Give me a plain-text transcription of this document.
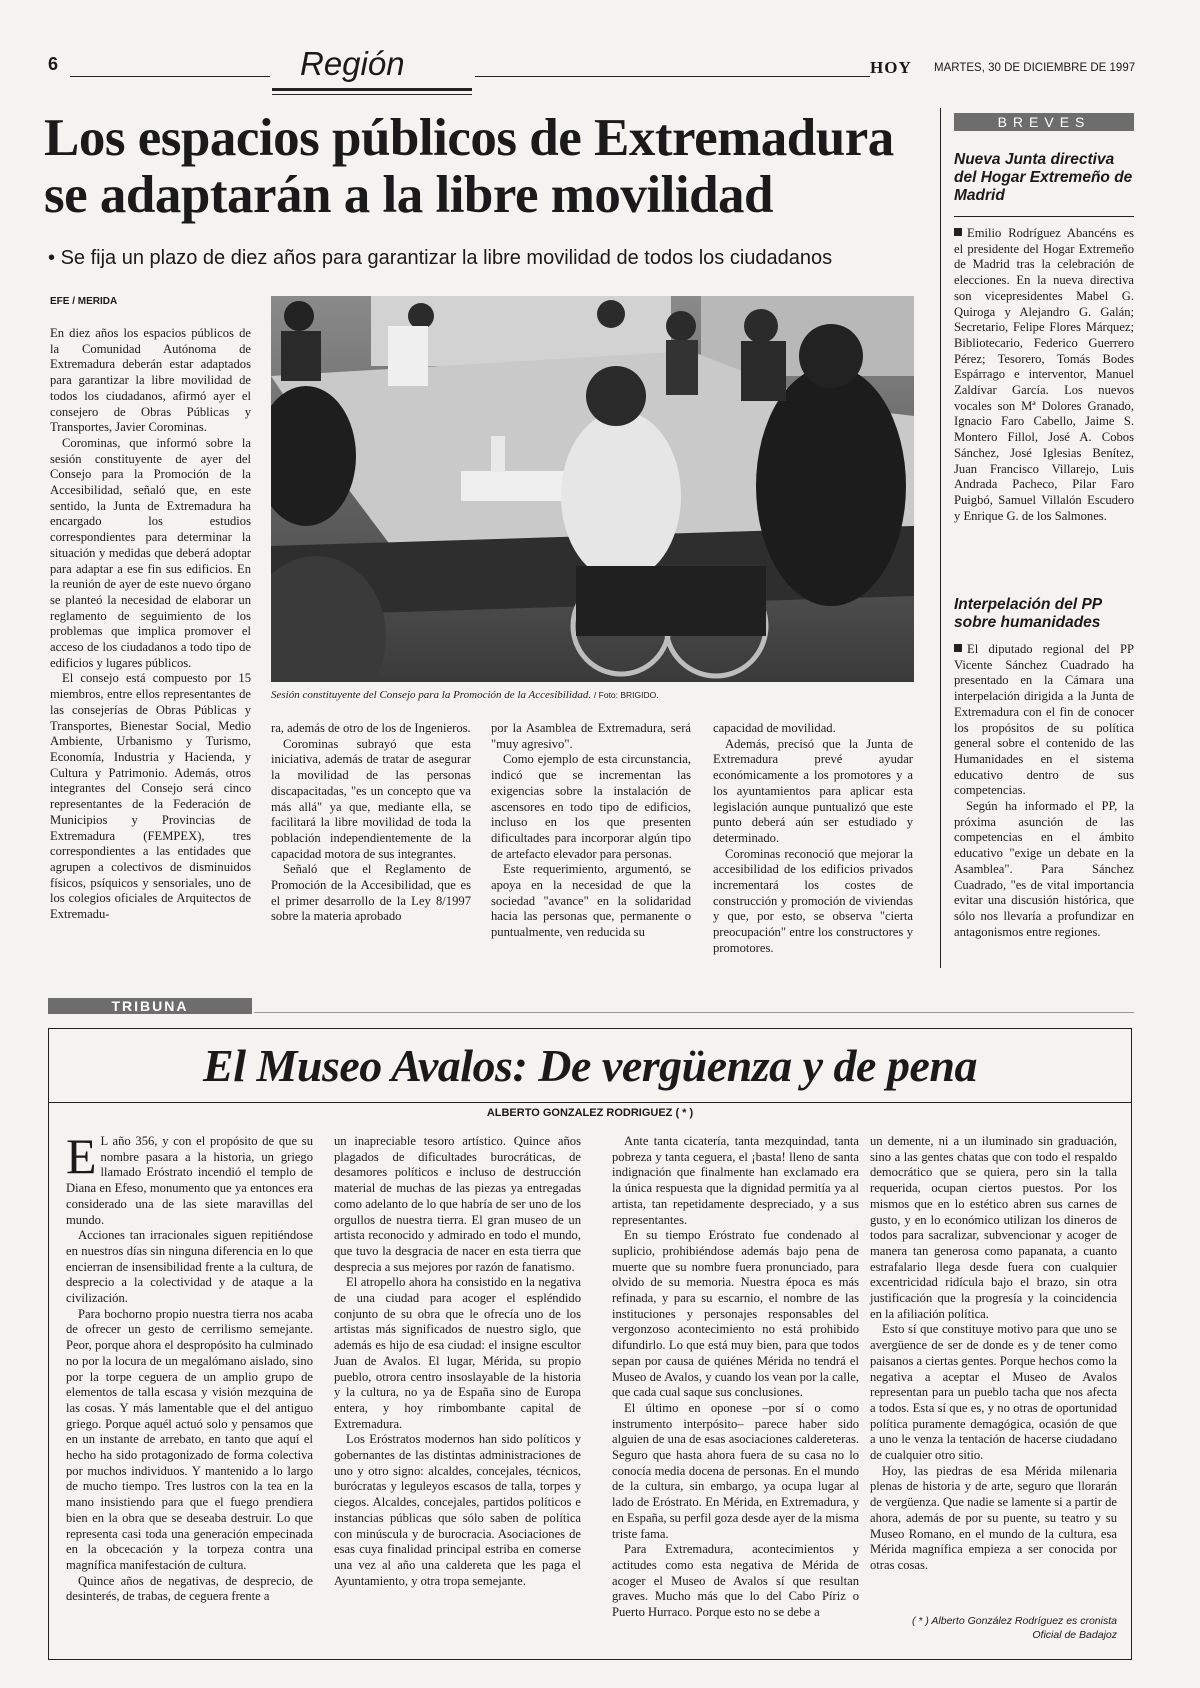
6	Región	HOY MARTES, 30 DE DICIEMBRE DE 1997
Los espacios públicos de Extremadura
se adaptarán a la libre movilidad
• Se fija un plazo de diez años para garantizar la libre movilidad de todos los ciudadanos
EFE / MERIDA
Sesión constituyente del Consejo para la Promoción de la Accesibilidad. / Foto: BRIGIDO.

En diez años los espacios públicos de la Comunidad Autónoma de Extremadura deberán estar adaptados para garantizar la libre movilidad de todos los ciudadanos, afirmó ayer el consejero de Obras Públicas y Transportes, Javier Corominas.

Corominas, que informó sobre la sesión constituyente de ayer del Consejo para la Promoción de la Accesibilidad, señaló que, en este sentido, la Junta de Extremadura ha encargado los estudios correspondientes para determinar la situación y medidas que deberá adoptar para adaptar a ese fin sus edificios. En la reunión de ayer de este nuevo órgano se planteó la necesidad de elaborar un reglamento de seguimiento de los problemas que implica promover el acceso de los ciudadanos a todo tipo de edificios y lugares públicos.

El consejo está compuesto por 15 miembros, entre ellos representantes de las consejerías de Obras Públicas y Transportes, Bienestar Social, Medio Ambiente, Urbanismo y Turismo, Economía, Industria y Hacienda, y Cultura y Patrimonio. Además, otros integrantes del Consejo será cinco representantes de la Federación de Municipios y Provincias de Extremadura (FEMPEX), tres correspondientes a las entidades que agrupen a colectivos de disminuidos físicos, psíquicos y sensoriales, uno de los colegios oficiales de Arquitectos de Extremadu-

ra, además de otro de los de Ingenieros.

Corominas subrayó que esta iniciativa, además de tratar de asegurar la movilidad de las personas discapacitadas, "es un concepto que va más allá" ya que, mediante ella, se facilitará la libre movilidad de toda la población independientemente de la capacidad motora de sus integrantes.

Señaló que el Reglamento de Promoción de la Accesibilidad, que es el primer desarrollo de la Ley 8/1997 sobre la materia aprobado

por la Asamblea de Extremadura, será "muy agresivo".

Como ejemplo de esta circunstancia, indicó que se incrementan las exigencias sobre la instalación de ascensores en todo tipo de edificios, incluso en los que presenten dificultades para incorporar algún tipo de artefacto elevador para personas.

Este requerimiento, argumentó, se apoya en la necesidad de que la sociedad "avance" en la solidaridad hacia las personas que, permanente o puntualmente, ven reducida su

capacidad de movilidad.

Además, precisó que la Junta de Extremadura prevé ayudar económicamente a los promotores y a los ayuntamientos para aplicar esta legislación aunque puntualizó que este punto deberá aún ser estudiado y determinado.

Corominas reconoció que mejorar la accesibilidad de los edificios privados incrementará los costes de construcción y promoción de viviendas y que, por esto, se observa "cierta preocupación" entre los constructores y promotores.

BREVES
Nueva Junta directiva del Hogar Extremeño de Madrid

Emilio Rodríguez Abancéns es el presidente del Hogar Extremeño de Madrid tras la celebración de elecciones. En la nueva directiva son vicepresidentes Mabel G. Quiroga y Alejandro G. Galán; Secretario, Felipe Flores Márquez; Bibliotecario, Federico Guerrero Pérez; Tesorero, Tomás Bodes Espárrago e interventor, Manuel Zaldívar García. Los nuevos vocales son Mª Dolores Granado, Ignacio Faro Cabello, Jaime S. Montero Fillol, José A. Cobos Sánchez, José Iglesias Benítez, Juan Francisco Villarejo, Luis Andrada Pacheco, Pilar Faro Puigbó, Samuel Villalón Escudero y Enrique G. de los Salmones.

Interpelación del PP sobre humanidades

El diputado regional del PP Vicente Sánchez Cuadrado ha presentado en la Cámara una interpelación dirigida a la Junta de Extremadura con el fin de conocer los propósitos de su política general sobre el contenido de las Humanidades en el sistema educativo dentro de sus competencias.

Según ha informado el PP, la próxima asunción de las competencias en el ámbito educativo "exige un debate en la Asamblea". Para Sánchez Cuadrado, "es de vital importancia evitar una discusión histórica, que sólo nos llevaría a profundizar en antagonismos entre regiones.

TRIBUNA
El Museo Avalos: De vergüenza y de pena
ALBERTO GONZALEZ RODRIGUEZ ( * )

E L año 356, y con el propósito de que su nombre pasara a la historia, un griego llamado Eróstrato incendió el templo de Diana en Efeso, monumento que ya entonces era considerado una de las siete maravillas del mundo.

Acciones tan irracionales siguen repitiéndose en nuestros días sin ninguna diferencia en lo que encierran de insensibilidad frente a la cultura, de desprecio a la colectividad y de ataque a la civilización.

Para bochorno propio nuestra tierra nos acaba de ofrecer un gesto de cerrilismo semejante. Peor, porque ahora el despropósito ha culminado no por la locura de un megalómano aislado, sino por la torpe ceguera de un amplio grupo de elementos de talla escasa y visión mezquina de las cosas. Y más lamentable que el del antiguo griego. Porque aquél actuó solo y pensamos que en un instante de arrebato, en tanto que aquí el hecho ha sido protagonizado de forma colectiva por muchos individuos. Y mantenido a lo largo de mucho tiempo. Tres lustros con la tea en la mano insistiendo para que el fuego prendiera bien en la obra que se deseaba destruir. Lo que representa casi toda una generación empecinada en la obcecación y la torpeza contra una magnífica manifestación de cultura.

Quince años de negativas, de desprecio, de desinterés, de trabas, de ceguera frente a

un inapreciable tesoro artístico. Quince años plagados de dificultades burocráticas, de desamores políticos e incluso de destrucción material de muchas de las piezas ya entregadas como adelanto de lo que habría de ser uno de los orgullos de nuestra tierra. El gran museo de un artista reconocido y admirado en todo el mundo, que tuvo la desgracia de nacer en esta tierra que desprecia a sus mejores por razón de fanatismo.

El atropello ahora ha consistido en la negativa de una ciudad para acoger el espléndido conjunto de su obra que le ofrecía uno de los artistas más significados de nuestro siglo, que además es hijo de esa ciudad: el insigne escultor Juan de Avalos. El lugar, Mérida, su propio pueblo, otrora centro insoslayable de la historia y la cultura, no ya de España sino de Europa entera, y hoy rimbombante capital de Extremadura.

Los Eróstratos modernos han sido políticos y gobernantes de las distintas administraciones de uno y otro signo: alcaldes, concejales, técnicos, burócratas y leguleyos escasos de talla, torpes y ciegos. Alcaldes, concejales, partidos políticos e instancias públicas que sólo saben de política con minúscula y de burocracia. Asociaciones de esas cuya finalidad principal estriba en comerse una vez al año una caldereta que les paga el Ayuntamiento, y otra tropa semejante.

Ante tanta cicatería, tanta mezquindad, tanta pobreza y tanta ceguera, el ¡basta! lleno de santa indignación que finalmente han exclamado era la única respuesta que la dignidad permitía ya al artista, tan repetidamente despreciado, y a sus representantes.

En su tiempo Eróstrato fue condenado al suplicio, prohibiéndose además bajo pena de muerte que su nombre fuera pronunciado, para olvido de su memoria. Nuestra época es más refinada, y para su escarnio, el nombre de las instituciones y personajes responsables del vergonzoso acontecimiento no está prohibido difundirlo. Lo que está muy bien, para que todos sepan por causa de quiénes Mérida no tendrá el Museo de Avalos, y cuando los vean por la calle, que cada cual saque sus conclusiones.

El último en oponese –por sí o como instrumento interpósito– parece haber sido alguien de una de esas asociaciones caldereteras. Seguro que hasta ahora fuera de su casa no lo conocía media docena de personas. En el mundo de la cultura, sin embargo, ya ocupa lugar al lado de Eróstrato. En Mérida, en Extremadura, y en España, su perfil goza desde ayer de la misma triste fama.

Para Extremadura, acontecimientos y actitudes como esta negativa de Mérida de acoger el Museo de Avalos sí que resultan graves. Mucho más que lo del Cabo Píriz o Puerto Hurraco. Porque esto no se debe a

un demente, ni a un iluminado sin graduación, sino a las gentes chatas que con todo el respaldo democrático que se quiera, pero sin la talla requerida, ocupan ciertos puestos. Por los mismos que en lo estético abren sus carnes de gusto, y en lo económico utilizan los dineros de todos para sacralizar, subvencionar y acoger de manera tan generosa como papanata, a cuanto estrafalario llega desde fuera con cualquier excentricidad ridícula bajo el brazo, sin otra justificación que la progresía y la coincidencia en la afiliación política.

Esto sí que constituye motivo para que uno se avergüence de ser de donde es y de tener como paisanos a ciertas gentes. Porque hechos como la negativa a aceptar el Museo de Avalos representan para un pueblo tacha que nos afecta a todos. Esta sí que es, y no otras de oportunidad política puramente demagógica, ocasión de que a uno le venza la tentación de hacerse ciudadano de cualquier otro sitio.

Hoy, las piedras de esa Mérida milenaria plenas de historia y de arte, seguro que llorarán de vergüenza. Que nadie se lamente si a partir de ahora, además de por su puente, su teatro y su Museo Romano, en el mundo de la cultura, esa Mérida magnífica empieza a ser conocida por otras cosas.

( * ) Alberto González Rodríguez es cronista
Oficial de Badajoz
